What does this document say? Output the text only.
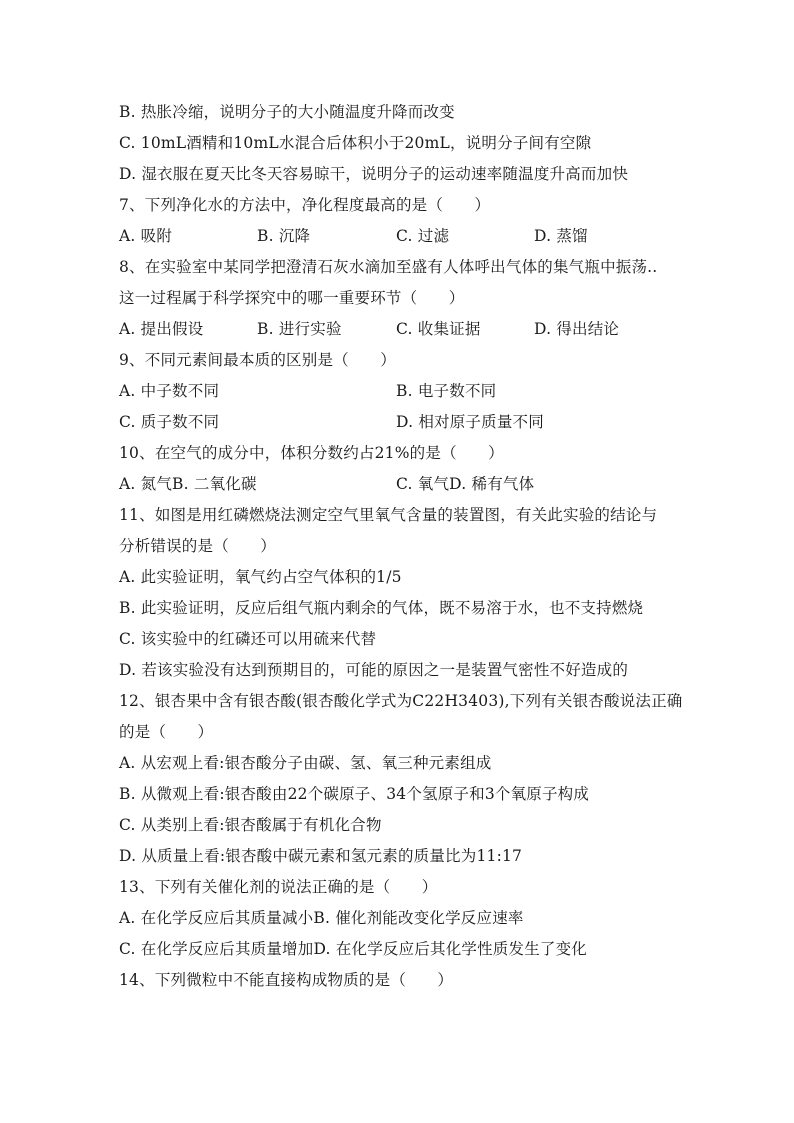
B. 热胀冷缩，说明分子的大小随温度升降而改变
C. 10mL酒精和10mL水混合后体积小于20mL，说明分子间有空隙
D. 湿衣服在夏天比冬天容易晾干，说明分子的运动速率随温度升高而加快
7、下列净化水的方法中，净化程度最高的是（　　）
A. 吸附	B. 沉降	C. 过滤	D. 蒸馏
8、在实验室中某同学把澄清石灰水滴加至盛有人体呼出气体的集气瓶中振荡..
这一过程属于科学探究中的哪一重要环节（　　）
A. 提出假设	B. 进行实验	C. 收集证据	D. 得出结论
9、不同元素间最本质的区别是（　　）
A. 中子数不同	B. 电子数不同
C. 质子数不同	D. 相对原子质量不同
10、在空气的成分中，体积分数约占21%的是（　　）
A. 氮气B. 二氧化碳	C. 氧气D. 稀有气体
11、如图是用红磷燃烧法测定空气里氧气含量的装置图，有关此实验的结论与
分析错误的是（　　）
A. 此实验证明，氧气约占空气体积的1/5
B. 此实验证明，反应后组气瓶内剩余的气体，既不易溶于水，也不支持燃烧
C. 该实验中的红磷还可以用硫来代替
D. 若该实验没有达到预期目的，可能的原因之一是装置气密性不好造成的
12、银杏果中含有银杏酸(银杏酸化学式为C22H3403),下列有关银杏酸说法正确
的是（　　）
A. 从宏观上看:银杏酸分子由碳、氢、氧三种元素组成
B. 从微观上看:银杏酸由22个碳原子、34个氢原子和3个氧原子构成
C. 从类别上看:银杏酸属于有机化合物
D. 从质量上看:银杏酸中碳元素和氢元素的质量比为11:17
13、下列有关催化剂的说法正确的是（　　）
A. 在化学反应后其质量减小B. 催化剂能改变化学反应速率
C. 在化学反应后其质量增加D. 在化学反应后其化学性质发生了变化
14、下列微粒中不能直接构成物质的是（　　）
